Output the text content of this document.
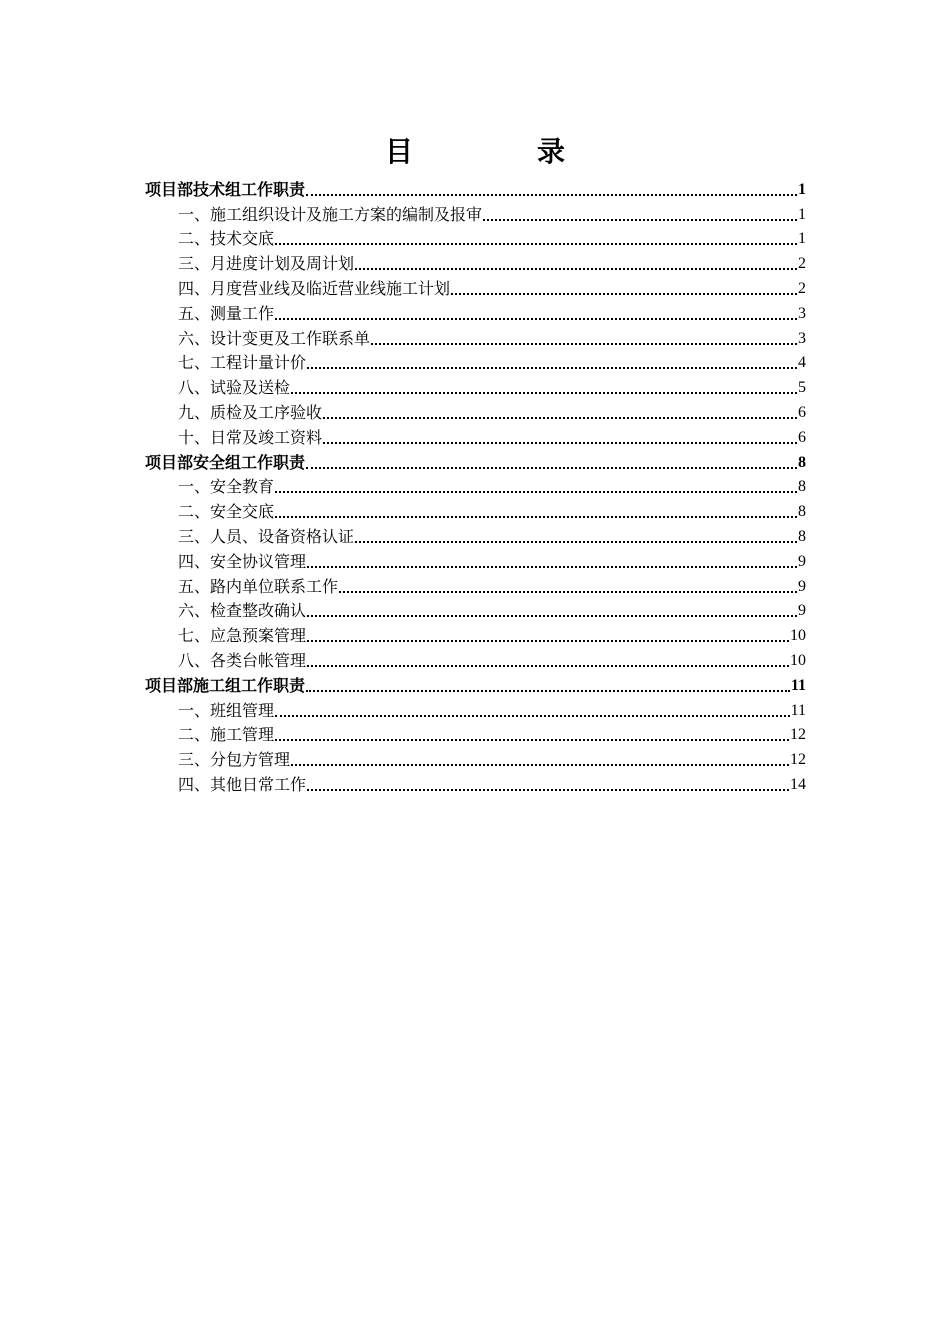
目　录
项目部技术组工作职责	1
一、施工组织设计及施工方案的编制及报审	1
二、技术交底	1
三、月进度计划及周计划	2
四、月度营业线及临近营业线施工计划	2
五、测量工作	3
六、设计变更及工作联系单	3
七、工程计量计价	4
八、试验及送检	5
九、质检及工序验收	6
十、日常及竣工资料	6
项目部安全组工作职责	8
一、安全教育	8
二、安全交底	8
三、人员、设备资格认证	8
四、安全协议管理	9
五、路内单位联系工作	9
六、检查整改确认	9
七、应急预案管理	10
八、各类台帐管理	10
项目部施工组工作职责	11
一、班组管理	11
二、施工管理	12
三、分包方管理	12
四、其他日常工作	14
